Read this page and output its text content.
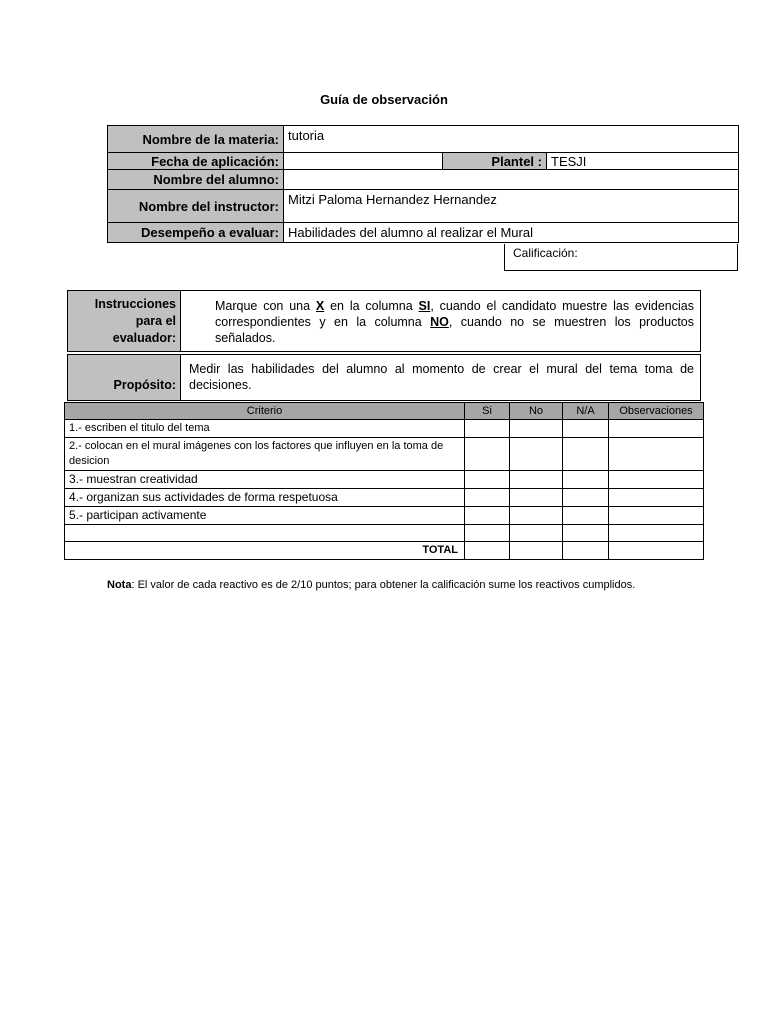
Guía de observación
Nombre de la materia:	tutoria		
Fecha de aplicación:		Plantel :	TESJI
Nombre del alumno:			
Nombre del instructor:	Mitzi Paloma Hernandez Hernandez		
Desempeño a evaluar:	Habilidades del alumno al realizar el Mural		
Calificación:
Instrucciones para el evaluador:	Marque con una X en la columna SI, cuando el candidato muestre las evidencias correspondientes y en la columna NO, cuando no se muestren los productos señalados.

Propósito:	Medir las habilidades del alumno al momento de crear el mural del tema toma de decisiones.
Criterio	Si	No	N/A	Observaciones
1.- escriben el titulo del tema				
2.- colocan en el mural imágenes con los factores que influyen en la toma de desicion				
3.- muestran creatividad				
4.- organizan sus actividades de forma respetuosa				
5.- participan activamente				

TOTAL				
Nota: El valor de cada reactivo es de 2/10 puntos; para obtener la calificación sume los reactivos cumplidos.
